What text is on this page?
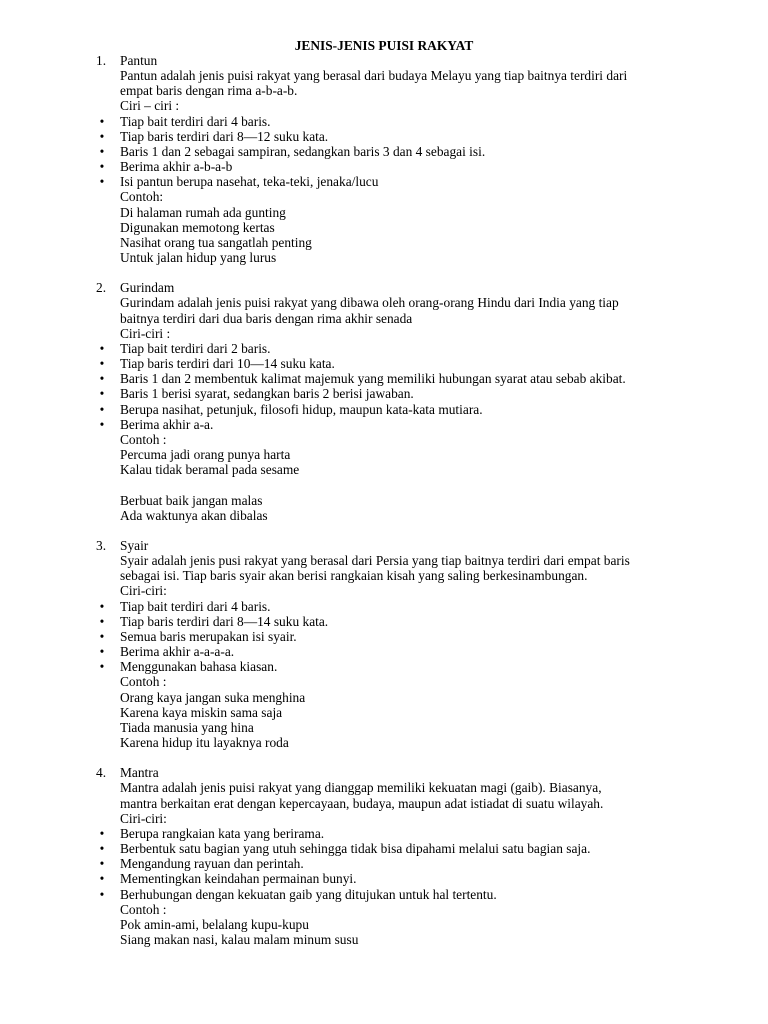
JENIS-JENIS PUISI RAKYAT
1. Pantun
Pantun adalah jenis puisi rakyat yang berasal dari budaya Melayu yang tiap baitnya terdiri dari
empat baris dengan rima a-b-a-b.
Ciri – ciri :
• Tiap bait terdiri dari 4 baris.
• Tiap baris terdiri dari 8—12 suku kata.
• Baris 1 dan 2 sebagai sampiran, sedangkan baris 3 dan 4 sebagai isi.
• Berima akhir a-b-a-b
• Isi pantun berupa nasehat, teka-teki, jenaka/lucu
Contoh:
Di halaman rumah ada gunting
Digunakan memotong kertas
Nasihat orang tua sangatlah penting
Untuk jalan hidup yang lurus
2. Gurindam
Gurindam adalah jenis puisi rakyat yang dibawa oleh orang-orang Hindu dari India yang tiap
baitnya terdiri dari dua baris dengan rima akhir senada
Ciri-ciri :
• Tiap bait terdiri dari 2 baris.
• Tiap baris terdiri dari 10—14 suku kata.
• Baris 1 dan 2 membentuk kalimat majemuk yang memiliki hubungan syarat atau sebab akibat.
• Baris 1 berisi syarat, sedangkan baris 2 berisi jawaban.
• Berupa nasihat, petunjuk, filosofi hidup, maupun kata-kata mutiara.
• Berima akhir a-a.
Contoh :
Percuma jadi orang punya harta
Kalau tidak beramal pada sesame
Berbuat baik jangan malas
Ada waktunya akan dibalas
3. Syair
Syair adalah jenis pusi rakyat yang berasal dari Persia yang tiap baitnya terdiri dari empat baris
sebagai isi. Tiap baris syair akan berisi rangkaian kisah yang saling berkesinambungan.
Ciri-ciri:
• Tiap bait terdiri dari 4 baris.
• Tiap baris terdiri dari 8—14 suku kata.
• Semua baris merupakan isi syair.
• Berima akhir a-a-a-a.
• Menggunakan bahasa kiasan.
Contoh :
Orang kaya jangan suka menghina
Karena kaya miskin sama saja
Tiada manusia yang hina
Karena hidup itu layaknya roda
4. Mantra
Mantra adalah jenis puisi rakyat yang dianggap memiliki kekuatan magi (gaib). Biasanya,
mantra berkaitan erat dengan kepercayaan, budaya, maupun adat istiadat di suatu wilayah.
Ciri-ciri:
• Berupa rangkaian kata yang berirama.
• Berbentuk satu bagian yang utuh sehingga tidak bisa dipahami melalui satu bagian saja.
• Mengandung rayuan dan perintah.
• Mementingkan keindahan permainan bunyi.
• Berhubungan dengan kekuatan gaib yang ditujukan untuk hal tertentu.
Contoh :
Pok amin-ami, belalang kupu-kupu
Siang makan nasi, kalau malam minum susu
